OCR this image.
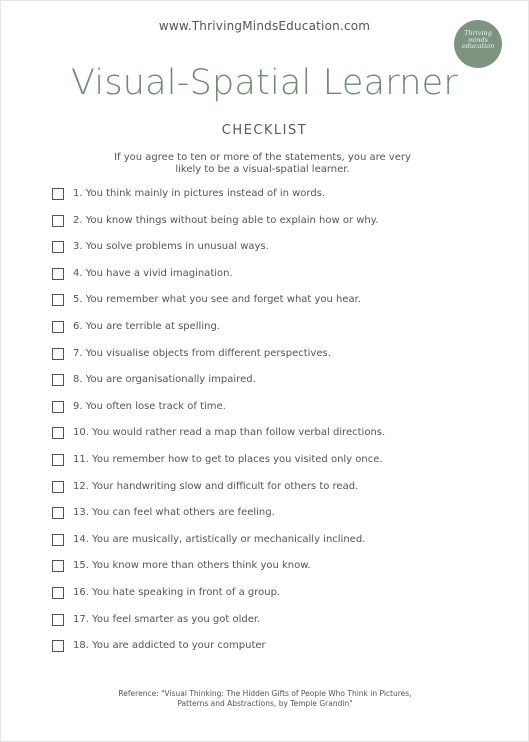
www.ThrivingMindsEducation.com	Thriving minds education
Visual-Spatial Learner
CHECKLIST
If you agree to ten or more of the statements, you are very likely to be a visual-spatial learner.
1. You think mainly in pictures instead of in words.
2. You know things without being able to explain how or why.
3. You solve problems in unusual ways.
4. You have a vivid imagination.
5. You remember what you see and forget what you hear.
6. You are terrible at spelling.
7. You visualise objects from different perspectives.
8. You are organisationally impaired.
9. You often lose track of time.
10. You would rather read a map than follow verbal directions.
11. You remember how to get to places you visited only once.
12. Your handwriting slow and difficult for others to read.
13. You can feel what others are feeling.
14. You are musically, artistically or mechanically inclined.
15. You know more than others think you know.
16. You hate speaking in front of a group.
17. You feel smarter as you got older.
18. You are addicted to your computer
Reference: "Visual Thinking: The Hidden Gifts of People Who Think in Pictures, Patterns and Abstractions, by Temple Grandin"
